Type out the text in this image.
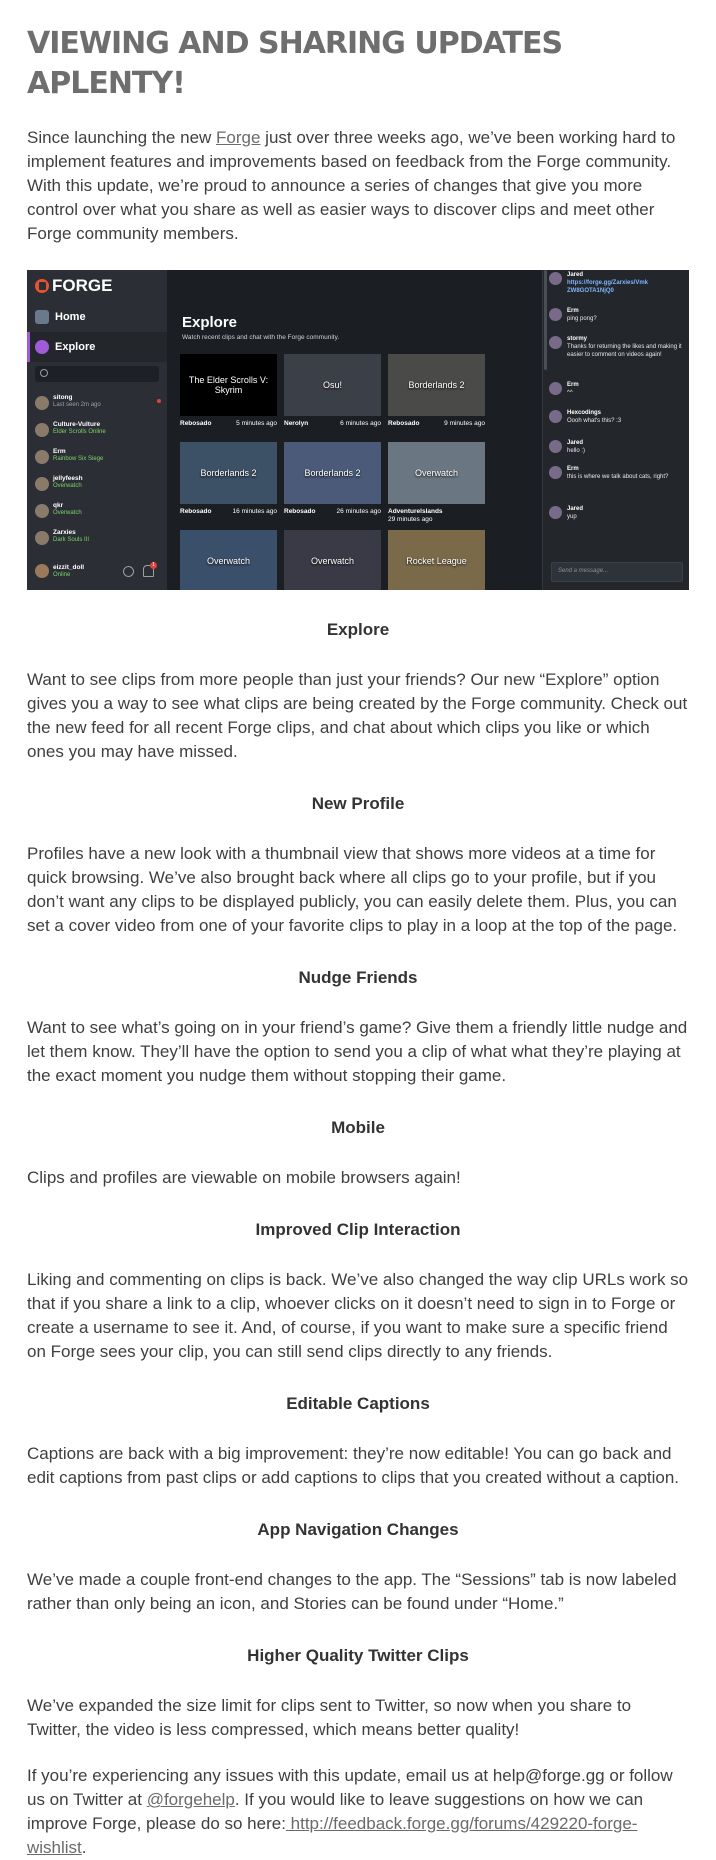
VIEWING AND SHARING UPDATES APLENTY!

Since launching the new Forge just over three weeks ago, we’ve been working hard to implement features and improvements based on feedback from the Forge community. With this update, we’re proud to announce a series of changes that give you more control over what you share as well as easier ways to discover clips and meet other Forge community members.

FORGE
Home
Explore
sitong
Last seen 2m ago
Culture-Vulture
Elder Scrolls Online
Erm
Rainbow Six Siege
jellyfeesh
Overwatch
qkr
Overwatch
Zarxies
Dark Souls III
eizzit_doll
Online
1
Explore
Watch recent clips and chat with the Forge community.
The Elder Scrolls V: Skyrim
Rebosado	5 minutes ago
Osu!
Nerolyn	6 minutes ago
Borderlands 2
Rebosado	9 minutes ago
Borderlands 2
Rebosado	16 minutes ago
Borderlands 2
Rebosado	26 minutes ago
Overwatch
Adventurelslands
29 minutes ago
Overwatch	Overwatch	Rocket League
Jared
https://forge.gg/Zarxies/Vmk ZW8GOTA1NjQ0
Erm
ping pong?
stormy
Thanks for returning the likes and making it easier to comment on videos again!
Erm
^^
Hexcodings
Oooh what's this? :3
Jared
hello :)
Erm
this is where we talk about cats, right?
Jared
yup
Send a message...
Explore

Want to see clips from more people than just your friends? Our new “Explore” option gives you a way to see what clips are being created by the Forge community. Check out the new feed for all recent Forge clips, and chat about which clips you like or which ones you may have missed.

New Profile

Profiles have a new look with a thumbnail view that shows more videos at a time for quick browsing. We’ve also brought back where all clips go to your profile, but if you don’t want any clips to be displayed publicly, you can easily delete them. Plus, you can set a cover video from one of your favorite clips to play in a loop at the top of the page.

Nudge Friends

Want to see what’s going on in your friend’s game? Give them a friendly little nudge and let them know. They’ll have the option to send you a clip of what what they’re playing at the exact moment you nudge them without stopping their game.

Mobile

Clips and profiles are viewable on mobile browsers again!

Improved Clip Interaction

Liking and commenting on clips is back. We’ve also changed the way clip URLs work so that if you share a link to a clip, whoever clicks on it doesn’t need to sign in to Forge or create a username to see it. And, of course, if you want to make sure a specific friend on Forge sees your clip, you can still send clips directly to any friends.

Editable Captions

Captions are back with a big improvement: they’re now editable! You can go back and edit captions from past clips or add captions to clips that you created without a caption.

App Navigation Changes

We’ve made a couple front-end changes to the app. The “Sessions” tab is now labeled rather than only being an icon, and Stories can be found under “Home.”

Higher Quality Twitter Clips

We’ve expanded the size limit for clips sent to Twitter, so now when you share to Twitter, the video is less compressed, which means better quality!

If you’re experiencing any issues with this update, email us at help@forge.gg or follow us on Twitter at @forgehelp. If you would like to leave suggestions on how we can improve Forge, please do so here: http://feedback.forge.gg/forums/429220-forge-wishlist.
